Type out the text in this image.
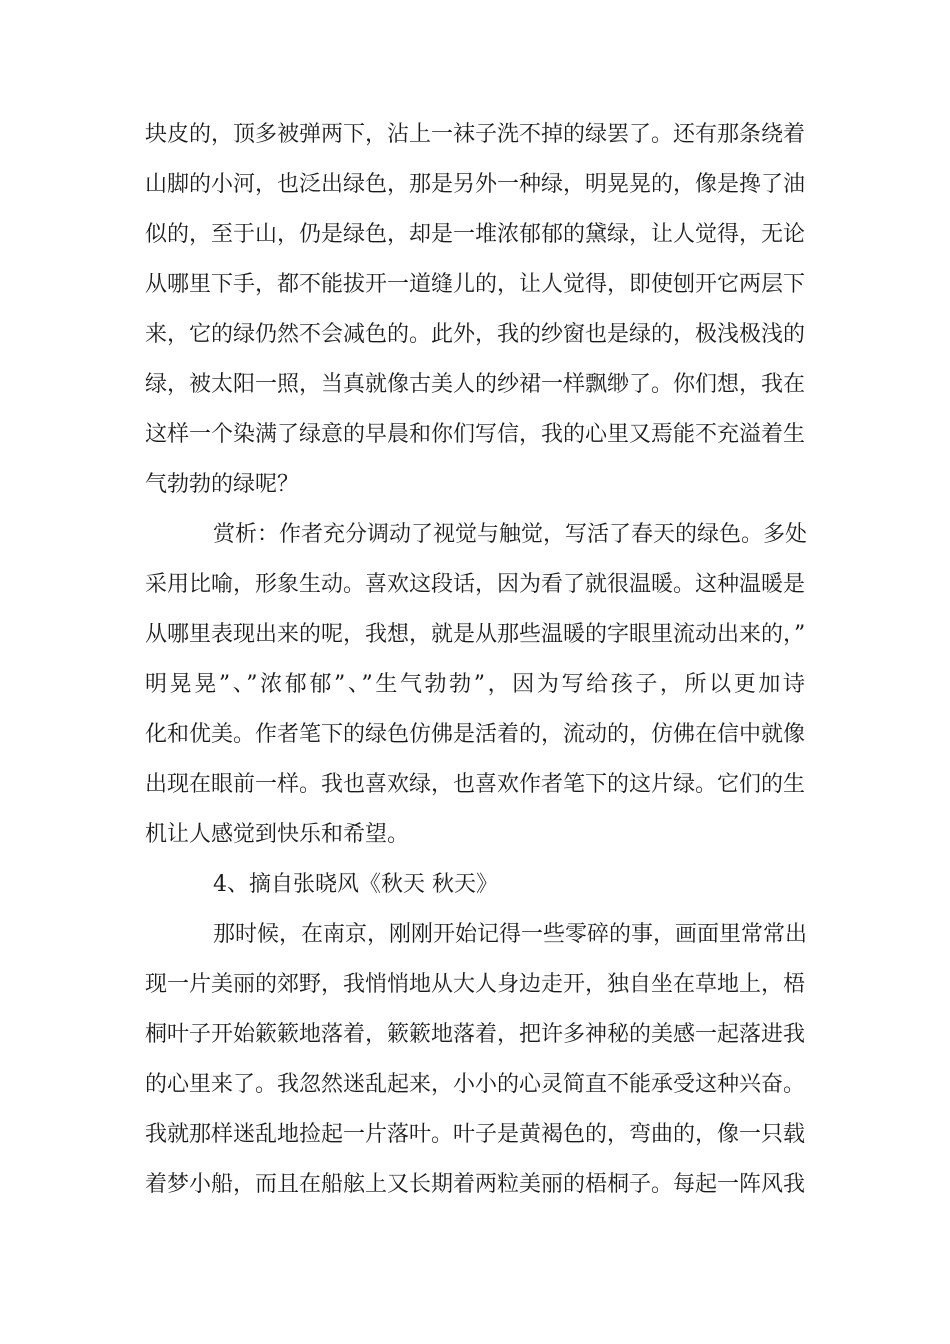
块皮的，顶多被弹两下，沾上一袜子洗不掉的绿罢了。还有那条绕着
山脚的小河，也泛出绿色，那是另外一种绿，明晃晃的，像是搀了油
似的，至于山，仍是绿色，却是一堆浓郁郁的黛绿，让人觉得，无论
从哪里下手，都不能拔开一道缝儿的，让人觉得，即使刨开它两层下
来，它的绿仍然不会减色的。此外，我的纱窗也是绿的，极浅极浅的
绿，被太阳一照，当真就像古美人的纱裙一样飘缈了。你们想，我在
这样一个染满了绿意的早晨和你们写信，我的心里又焉能不充溢着生
气勃勃的绿呢？
赏析：作者充分调动了视觉与触觉，写活了春天的绿色。多处
采用比喻，形象生动。喜欢这段话，因为看了就很温暖。这种温暖是
从哪里表现出来的呢，我想，就是从那些温暖的字眼里流动出来的，”
明晃晃”、”浓郁郁”、”生气勃勃”，因为写给孩子，所以更加诗
化和优美。作者笔下的绿色仿佛是活着的，流动的，仿佛在信中就像
出现在眼前一样。我也喜欢绿，也喜欢作者笔下的这片绿。它们的生
机让人感觉到快乐和希望。
4、摘自张晓风《秋天 秋天》
那时候，在南京，刚刚开始记得一些零碎的事，画面里常常出
现一片美丽的郊野，我悄悄地从大人身边走开，独自坐在草地上，梧
桐叶子开始簌簌地落着，簌簌地落着，把许多神秘的美感一起落进我
的心里来了。我忽然迷乱起来，小小的心灵简直不能承受这种兴奋。
我就那样迷乱地捡起一片落叶。叶子是黄褐色的，弯曲的，像一只载
着梦小船，而且在船舷上又长期着两粒美丽的梧桐子。每起一阵风我
